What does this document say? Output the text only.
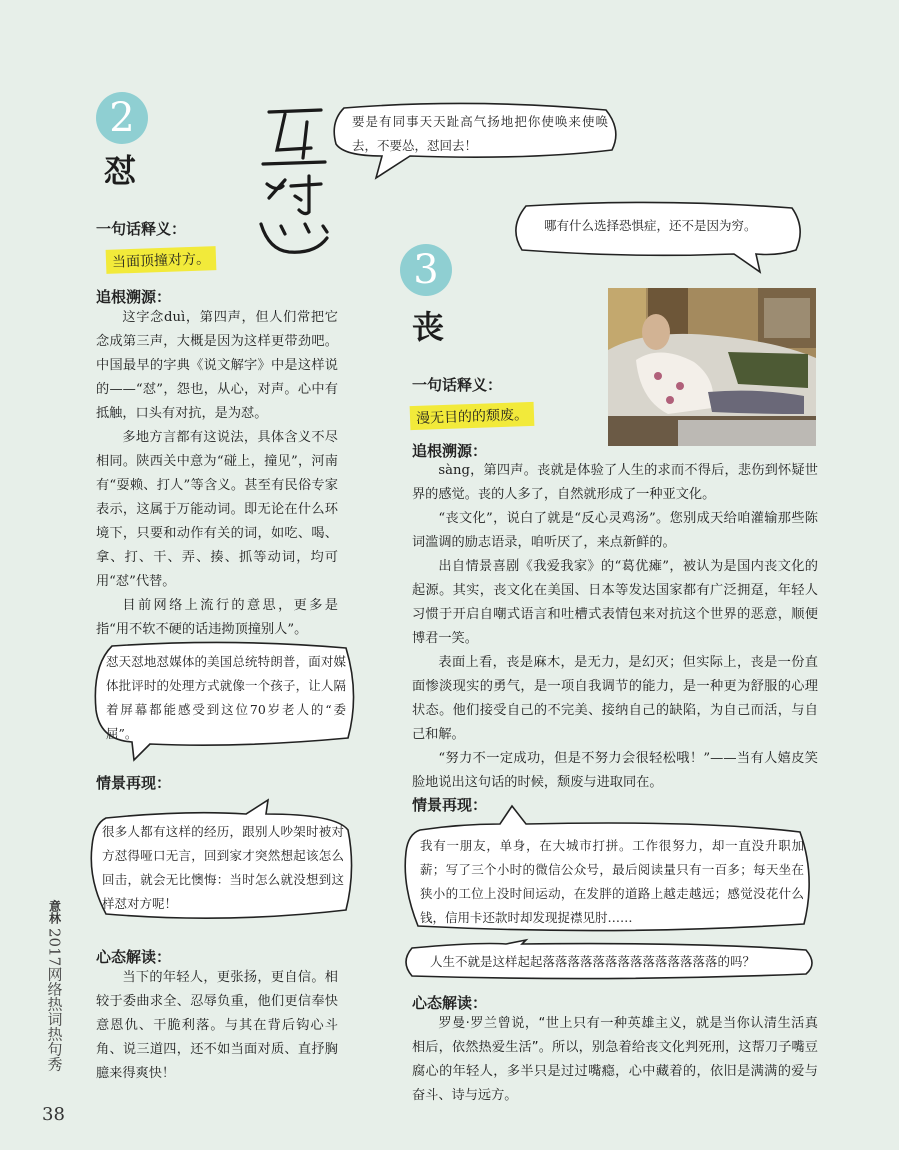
2
怼
要是有同事天天趾高气扬地把你使唤来使唤去，不要怂，怼回去！
一句话释义：
当面顶撞对方。
追根溯源：

这字念duì，第四声，但人们常把它念成第三声，大概是因为这样更带劲吧。中国最早的字典《说文解字》中是这样说的——“怼”，怨也，从心，对声。心中有抵触，口头有对抗，是为怼。

多地方言都有这说法，具体含义不尽相同。陕西关中意为“碰上，撞见”，河南有“耍赖、打人”等含义。甚至有民俗专家表示，这属于万能动词。即无论在什么环境下，只要和动作有关的词，如吃、喝、拿、打、干、弄、揍、抓等动词，均可用“怼”代替。

目前网络上流行的意思，更多是指“用不软不硬的话违拗顶撞别人”。

怼天怼地怼媒体的美国总统特朗普，面对媒体批评时的处理方式就像一个孩子，让人隔着屏幕都能感受到这位70岁老人的“委屈”。
情景再现：
很多人都有这样的经历，跟别人吵架时被对方怼得哑口无言，回到家才突然想起该怎么回击，就会无比懊悔：当时怎么就没想到这样怼对方呢！
心态解读：

当下的年轻人，更张扬，更自信。相较于委曲求全、忍辱负重，他们更信奉快意恩仇、干脆利落。与其在背后钩心斗角、说三道四，还不如当面对质、直抒胸臆来得爽快！

哪有什么选择恐惧症，还不是因为穷。
3
丧
一句话释义：
漫无目的的颓废。
追根溯源：

sàng，第四声。丧就是体验了人生的求而不得后，悲伤到怀疑世界的感觉。丧的人多了，自然就形成了一种亚文化。

“丧文化”，说白了就是“反心灵鸡汤”。您别成天给咱灌输那些陈词滥调的励志语录，咱听厌了，来点新鲜的。

出自情景喜剧《我爱我家》的“葛优瘫”，被认为是国内丧文化的起源。其实，丧文化在美国、日本等发达国家都有广泛拥趸，年轻人习惯于开启自嘲式语言和吐槽式表情包来对抗这个世界的恶意，顺便博君一笑。

表面上看，丧是麻木，是无力，是幻灭；但实际上，丧是一份直面惨淡现实的勇气，是一项自我调节的能力，是一种更为舒服的心理状态。他们接受自己的不完美、接纳自己的缺陷，为自己而活，与自己和解。

“努力不一定成功，但是不努力会很轻松哦！”——当有人嬉皮笑脸地说出这句话的时候，颓废与进取同在。

情景再现：
我有一朋友，单身，在大城市打拼。工作很努力，却一直没升职加薪；写了三个小时的微信公众号，最后阅读量只有一百多；每天坐在狭小的工位上没时间运动，在发胖的道路上越走越远；感觉没花什么钱，信用卡还款时却发现捉襟见肘……
人生不就是这样起起落落落落落落落落落落落落落落的吗？
心态解读：

罗曼·罗兰曾说，“世上只有一种英雄主义，就是当你认清生活真相后，依然热爱生活”。所以，别急着给丧文化判死刑，这帮刀子嘴豆腐心的年轻人，多半只是过过嘴瘾，心中藏着的，依旧是满满的爱与奋斗、诗与远方。

意林
2017网络热词热句秀
38
